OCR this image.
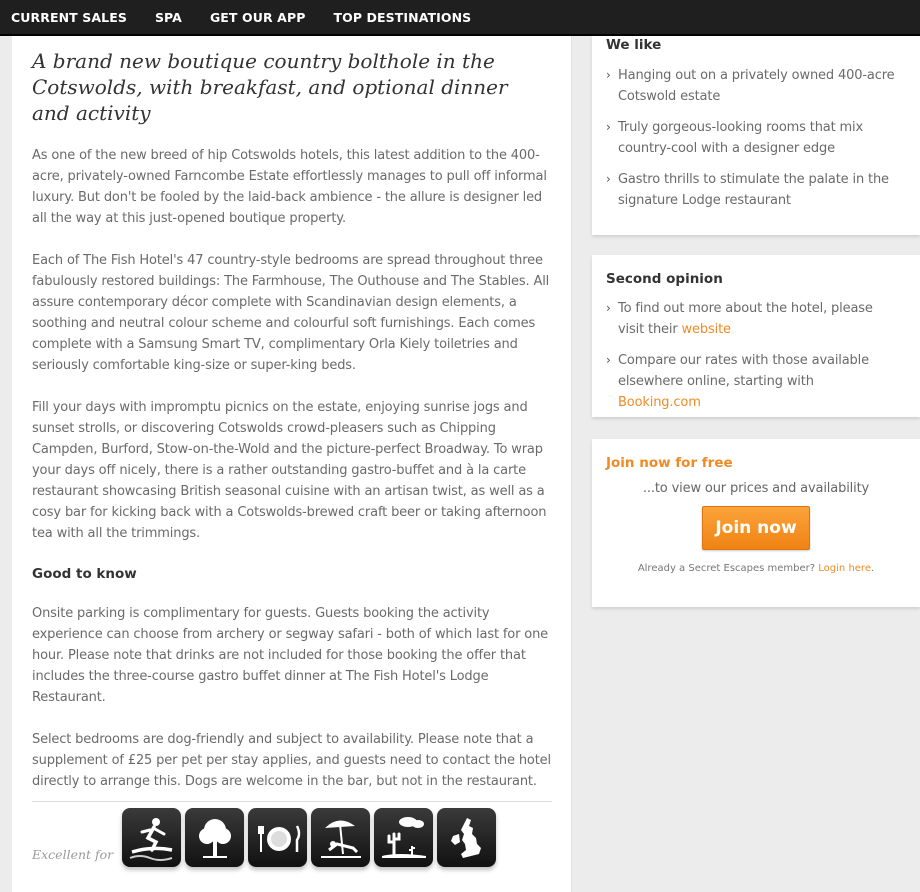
CURRENT SALES SPA GET OUR APP TOP DESTINATIONS
A brand new boutique country bolthole in the Cotswolds, with breakfast, and optional dinner and activity

As one of the new breed of hip Cotswolds hotels, this latest addition to the 400-acre, privately-owned Farncombe Estate effortlessly manages to pull off informal luxury. But don't be fooled by the laid-back ambience - the allure is designer led all the way at this just-opened boutique property.

Each of The Fish Hotel's 47 country-style bedrooms are spread throughout three fabulously restored buildings: The Farmhouse, The Outhouse and The Stables. All assure contemporary décor complete with Scandinavian design elements, a soothing and neutral colour scheme and colourful soft furnishings. Each comes complete with a Samsung Smart TV, complimentary Orla Kiely toiletries and seriously comfortable king-size or super-king beds.

Fill your days with impromptu picnics on the estate, enjoying sunrise jogs and sunset strolls, or discovering Cotswolds crowd-pleasers such as Chipping Campden, Burford, Stow-on-the-Wold and the picture-perfect Broadway. To wrap your days off nicely, there is a rather outstanding gastro-buffet and à la carte restaurant showcasing British seasonal cuisine with an artisan twist, as well as a cosy bar for kicking back with a Cotswolds-brewed craft beer or taking afternoon tea with all the trimmings.

Good to know

Onsite parking is complimentary for guests. Guests booking the activity experience can choose from archery or segway safari - both of which last for one hour. Please note that drinks are not included for those booking the offer that includes the three-course gastro buffet dinner at The Fish Hotel's Lodge Restaurant.

Select bedrooms are dog-friendly and subject to availability. Please note that a supplement of £25 per pet per stay applies, and guests need to contact the hotel directly to arrange this. Dogs are welcome in the bar, but not in the restaurant.

Excellent for
We like
› Hanging out on a privately owned 400-acre Cotswold estate
› Truly gorgeous-looking rooms that mix country-cool with a designer edge
› Gastro thrills to stimulate the palate in the signature Lodge restaurant
Second opinion
› To find out more about the hotel, please visit their website
› Compare our rates with those available elsewhere online, starting with Booking.com
Join now for free
...to view our prices and availability
Join now
Already a Secret Escapes member? Login here.
